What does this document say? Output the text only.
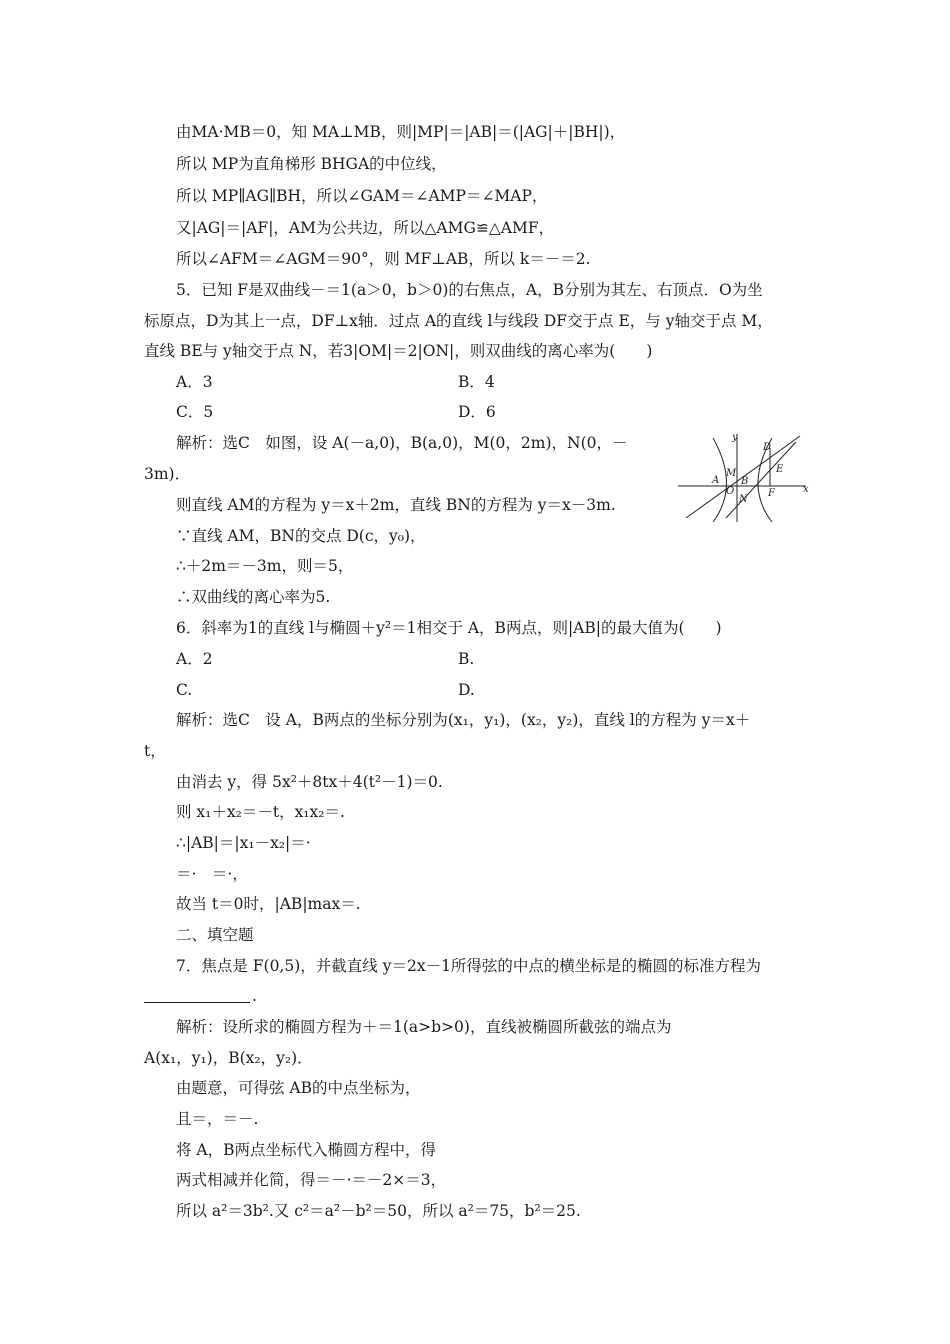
由MA·MB＝0，知 MA⊥MB，则|MP|＝|AB|＝(|AG|＋|BH|)，
所以 MP为直角梯形 BHGA的中位线，
所以 MP∥AG∥BH，所以∠GAM＝∠AMP＝∠MAP，
又|AG|＝|AF|，AM为公共边，所以△AMG≌△AMF，
所以∠AFM＝∠AGM＝90°，则 MF⊥AB，所以 k＝－＝2.
5．已知 F是双曲线－＝1(a＞0，b＞0)的右焦点，A，B分别为其左、右顶点．O为坐
标原点，D为其上一点，DF⊥x轴．过点 A的直线 l与线段 DF交于点 E，与 y轴交于点 M，
直线 BE与 y轴交于点 N，若3|OM|＝2|ON|，则双曲线的离心率为(　　)
A．3	B．4
C．5	D．6
解析：选C　如图，设 A(－a,0)，B(a,0)，M(0，2m)，N(0，－
3m)．
则直线 AM的方程为 y＝x＋2m，直线 BN的方程为 y＝x－3m.
∵直线 AM，BN的交点 D(c，y₀)，
∴＋2m＝－3m，则＝5，
∴双曲线的离心率为5.
y
x
D
M	E
A
O
B
F
N
6．斜率为1的直线 l与椭圆＋y²＝1相交于 A，B两点，则|AB|的最大值为(　　)
A．2	B.
C.	D.
解析：选C　设 A，B两点的坐标分别为(x₁，y₁)，(x₂，y₂)，直线 l的方程为 y＝x＋
t，
由消去 y，得 5x²＋8tx＋4(t²－1)＝0.
则 x₁＋x₂＝－t，x₁x₂＝.
∴|AB|＝|x₁－x₂|＝·
＝·　＝·，
故当 t＝0时，|AB|max＝.
二、填空题
7．焦点是 F(0,5)，并截直线 y＝2x－1所得弦的中点的横坐标是的椭圆的标准方程为
.
解析：设所求的椭圆方程为＋＝1(a>b>0)，直线被椭圆所截弦的端点为
A(x₁，y₁)，B(x₂，y₂)．
由题意，可得弦 AB的中点坐标为，
且＝，＝－.
将 A，B两点坐标代入椭圆方程中，得
两式相减并化简，得＝－·＝－2×＝3，
所以 a²＝3b².又 c²＝a²－b²＝50，所以 a²＝75，b²＝25.
